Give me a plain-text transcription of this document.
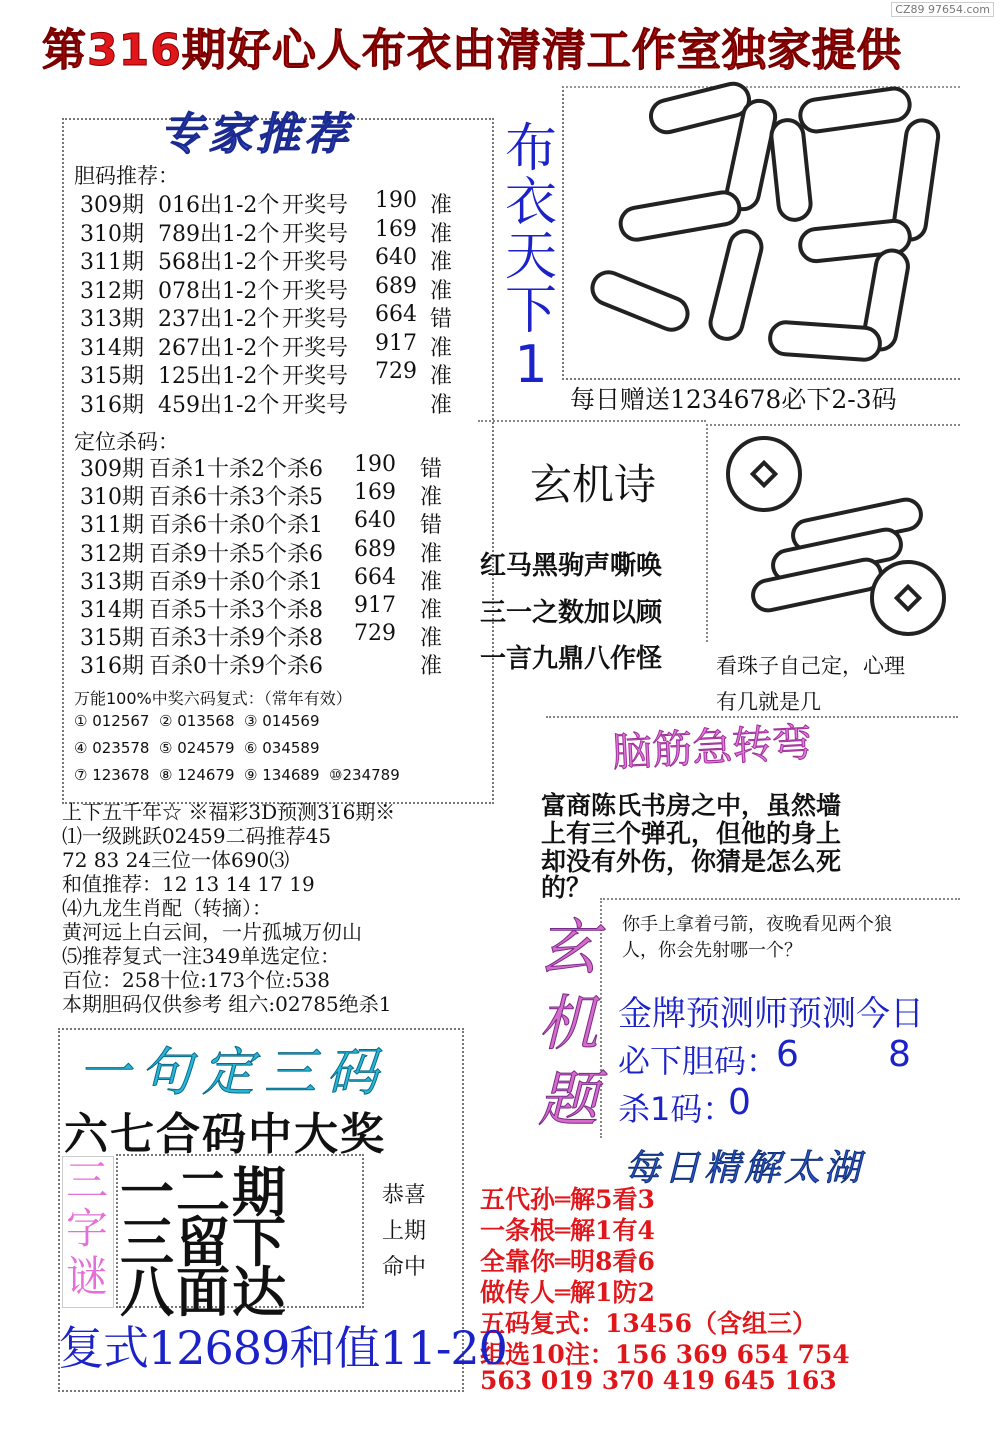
第316期好心人布衣由清清工作室独家提供
CZ89 97654.com
专家推荐
胆码推荐：
309期 016出1-2个 开奖号 190 准
310期 789出1-2个 开奖号 169 准
311期 568出1-2个 开奖号 640 准
312期 078出1-2个 开奖号 689 准
313期 237出1-2个 开奖号 664 错
314期 267出1-2个 开奖号 917 准
315期 125出1-2个 开奖号 729 准
316期 459出1-2个 开奖号	准
定位杀码：
309期 百杀1十杀2个杀6 190 错
310期 百杀6十杀3个杀5 169 准
311期 百杀6十杀0个杀1 640 错
312期 百杀9十杀5个杀6 689 准
313期 百杀9十杀0个杀1 664 准
314期 百杀5十杀3个杀8 917 准
315期 百杀3十杀9个杀8 729 准
316期 百杀0十杀9个杀6	准
万能100%中奖六码复式：（常年有效）
① 012567  ② 013568  ③ 014569
④ 023578  ⑤ 024579  ⑥ 034589
⑦ 123678  ⑧ 124679  ⑨ 134689  ⑩234789
上下五千年☆ ※福彩3D预测316期※
⑴一级跳跃02459二码推荐45
72 83 24三位一体690⑶
和值推荐：12 13 14 17 19
⑷九龙生肖配（转摘）：
黄河远上白云间，一片孤城万仞山
⑸推荐复式一注349单选定位：
百位：258十位:173个位:538
本期胆码仅供参考 组六:02785绝杀1
布
衣
天
下
1
每日赠送1234678必下2-3码
玄机诗
红马黑驹声嘶唤
三一之数加以顾
一言九鼎八作怪	看珠子自己定，心理
有几就是几
脑筋急转弯
富商陈氏书房之中，虽然墙
上有三个弹孔，但他的身上
却没有外伤，你猜是怎么死
的？
玄
机
题
你手上拿着弓箭，夜晚看见两个狼
人，你会先射哪一个？
金牌预测师预测今日
必下胆码：
6 8
杀1码：
0
每日精解太湖
五代孙═解5看3
一条根═解1有4
全靠你═明8看6
做传人═解1防2
五码复式：13456（含组三）
组选10注：156 369 654 754
563 019 370 419 645 163
一句定三码
六七合码中大奖
三
字
谜
一二期
三留下
八面达
恭喜
上期
命中
复式12689和值11-20
